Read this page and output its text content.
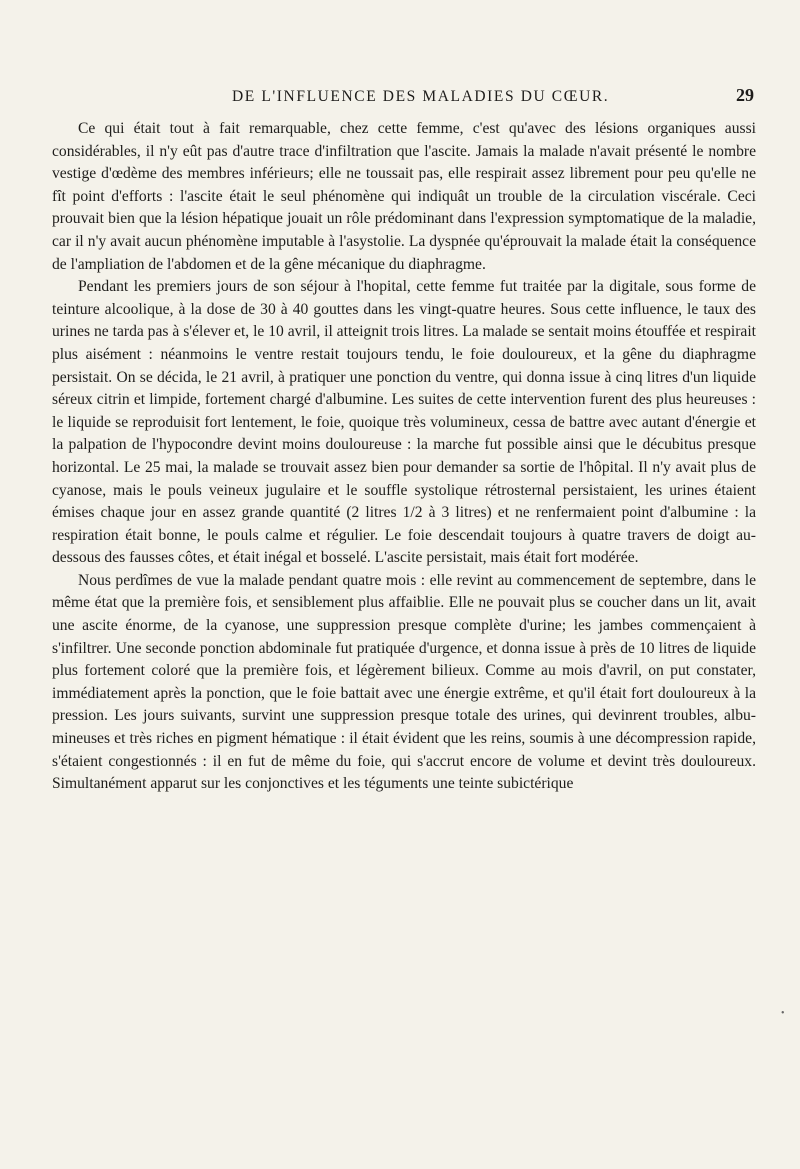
DE L'INFLUENCE DES MALADIES DU CŒUR.	29

Ce qui était tout à fait remarquable, chez cette femme, c'est qu'avec des lésions organiques aussi considérables, il n'y eût pas d'autre trace d'infiltration que l'ascite. Jamais la malade n'avait présenté le nombre vestige d'œdème des membres inférieurs; elle ne toussait pas, elle respirait assez librement pour peu qu'elle ne fît point d'efforts : l'ascite était le seul phénomène qui indiquât un trouble de la circulation viscérale. Ceci prouvait bien que la lésion hépatique jouait un rôle prédominant dans l'expression symptomatique de la maladie, car il n'y avait aucun phénomène imputable à l'asystolie. La dyspnée qu'éprouvait la malade était la conséquence de l'ampliation de l'abdomen et de la gêne mécanique du diaphragme.

Pendant les premiers jours de son séjour à l'hopital, cette femme fut traitée par la digitale, sous forme de teinture alcoolique, à la dose de 30 à 40 gouttes dans les vingt-quatre heures. Sous cette influence, le taux des urines ne tarda pas à s'élever et, le 10 avril, il atteignit trois litres. La malade se sentait moins étouffée et respirait plus aisément : néanmoins le ventre restait toujours tendu, le foie douloureux, et la gêne du diaphragme persistait. On se décida, le 21 avril, à pratiquer une ponction du ventre, qui donna issue à cinq litres d'un liquide séreux citrin et limpide, fortement chargé d'albumine. Les suites de cette intervention furent des plus heureuses : le liquide se reproduisit fort lentement, le foie, quoique très volumineux, cessa de battre avec autant d'énergie et la palpation de l'hypocondre devint moins douloureuse : la marche fut possible ainsi que le décubitus presque horizontal. Le 25 mai, la malade se trouvait assez bien pour demander sa sortie de l'hôpital. Il n'y avait plus de cyanose, mais le pouls veineux jugulaire et le souffle systolique rétrosternal persistaient, les urines étaient émises chaque jour en assez grande quantité (2 litres 1/2 à 3 litres) et ne renfermaient point d'albumine : la respiration était bonne, le pouls calme et régulier. Le foie descendait toujours à quatre travers de doigt au-dessous des fausses côtes, et était inégal et bosselé. L'ascite persistait, mais était fort modérée.

Nous perdîmes de vue la malade pendant quatre mois : elle revint au commencement de septembre, dans le même état que la première fois, et sensiblement plus affaiblie. Elle ne pouvait plus se coucher dans un lit, avait une ascite énorme, de la cyanose, une suppression presque complète d'urine; les jambes commençaient à s'infiltrer. Une seconde ponction abdominale fut pratiquée d'urgence, et donna issue à près de 10 litres de liquide plus fortement coloré que la première fois, et légèrement bilieux. Comme au mois d'avril, on put constater, immédiatement après la ponction, que le foie battait avec une énergie extrême, et qu'il était fort douloureux à la pression. Les jours suivants, survint une suppression presque totale des urines, qui devinrent troubles, albumineuses et très riches en pigment hématique : il était évident que les reins, soumis à une décompression rapide, s'étaient congestionnés : il en fut de même du foie, qui s'accrut encore de volume et devint très douloureux. Simultanément apparut sur les conjonctives et les téguments une teinte subictérique

•
